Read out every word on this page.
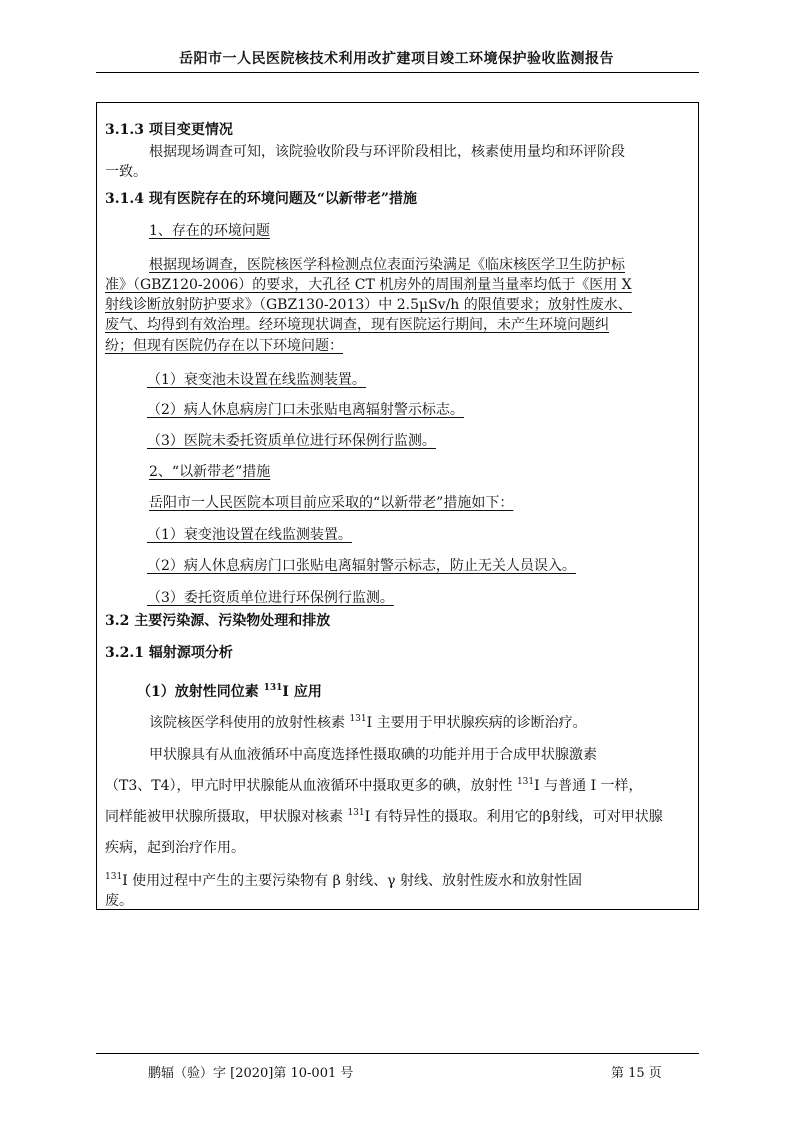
岳阳市一人民医院核技术利用改扩建项目竣工环境保护验收监测报告
3.1.3 项目变更情况
根据现场调查可知，该院验收阶段与环评阶段相比，核素使用量均和环评阶段
一致。
3.1.4 现有医院存在的环境问题及“以新带老”措施
1、存在的环境问题
根据现场调查，医院核医学科检测点位表面污染满足《临床核医学卫生防护标
准》（GBZ120-2006）的要求，大孔径 CT 机房外的周围剂量当量率均低于《医用 X
射线诊断放射防护要求》（GBZ130-2013）中 2.5μSv/h 的限值要求；放射性废水、
废气、均得到有效治理。经环境现状调查，现有医院运行期间，未产生环境问题纠
纷；但现有医院仍存在以下环境问题：
（1）衰变池未设置在线监测装置。
（2）病人休息病房门口未张贴电离辐射警示标志。
（3）医院未委托资质单位进行环保例行监测。
2、“以新带老”措施
岳阳市一人民医院本项目前应采取的“以新带老”措施如下：
（1）衰变池设置在线监测装置。
（2）病人休息病房门口张贴电离辐射警示标志，防止无关人员误入。
（3）委托资质单位进行环保例行监测。
3.2 主要污染源、污染物处理和排放
3.2.1 辐射源项分析
（1）放射性同位素 $^{131}$I 应用
该院核医学科使用的放射性核素 $^{131}$I 主要用于甲状腺疾病的诊断治疗。
甲状腺具有从血液循环中高度选择性摄取碘的功能并用于合成甲状腺激素
（T3、T4），甲亢时甲状腺能从血液循环中摄取更多的碘，放射性 $^{131}$I 与普通 I 一样，
同样能被甲状腺所摄取，甲状腺对核素 $^{131}$I 有特异性的摄取。利用它的β射线，可对甲状腺
疾病，起到治疗作用。
$^{131}$I 使用过程中产生的主要污染物有 β 射线、γ 射线、放射性废水和放射性固
废。
鹏辐（验）字 [2020]第 10-001 号	第 15 页
